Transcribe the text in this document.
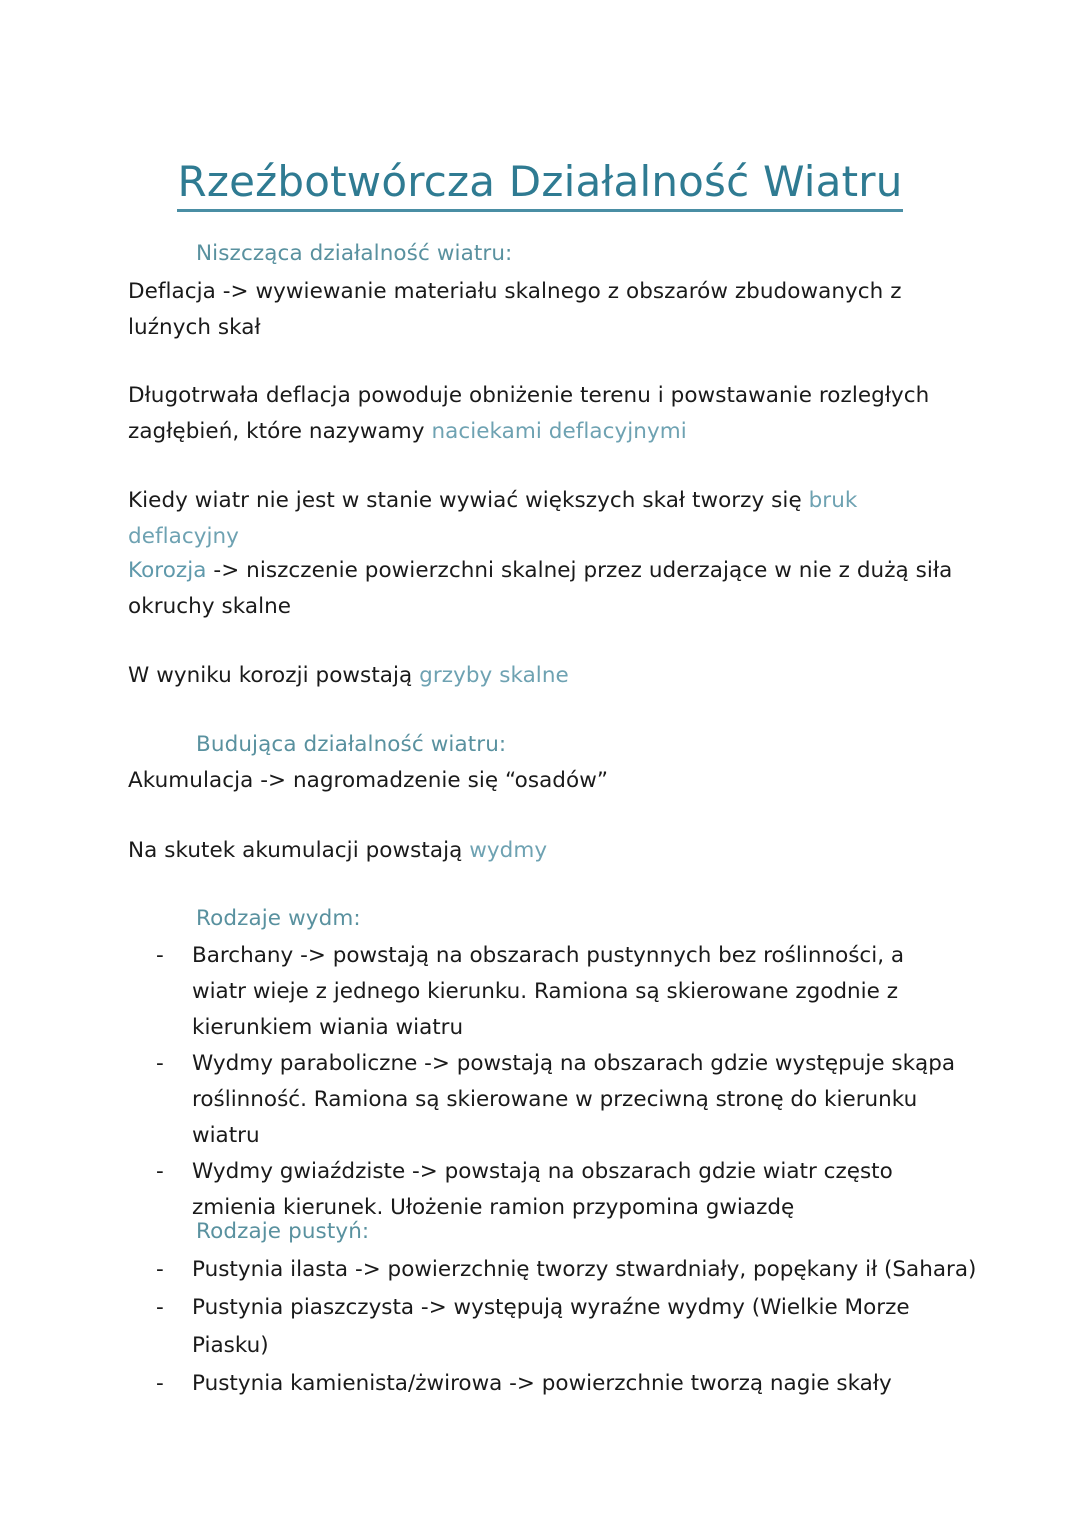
Rzeźbotwórcza Działalność Wiatru
Niszcząca działalność wiatru:
Deflacja -> wywiewanie materiału skalnego z obszarów zbudowanych z luźnych skał
Długotrwała deflacja powoduje obniżenie terenu i powstawanie rozległych zagłębień, które nazywamy naciekami deflacyjnymi
Kiedy wiatr nie jest w stanie wywiać większych skał tworzy się bruk deflacyjny
Korozja -> niszczenie powierzchni skalnej przez uderzające w nie z dużą siła okruchy skalne
W wyniku korozji powstają grzyby skalne
Budująca działalność wiatru:
Akumulacja -> nagromadzenie się “osadów”
Na skutek akumulacji powstają wydmy
Rodzaje wydm:
- Barchany -> powstają na obszarach pustynnych bez roślinności, a wiatr wieje z jednego kierunku. Ramiona są skierowane zgodnie z kierunkiem wiania wiatru
- Wydmy paraboliczne -> powstają na obszarach gdzie występuje skąpa roślinność. Ramiona są skierowane w przeciwną stronę do kierunku wiatru
- Wydmy gwiaździste -> powstają na obszarach gdzie wiatr często zmienia kierunek. Ułożenie ramion przypomina gwiazdę
Rodzaje pustyń:
- Pustynia ilasta -> powierzchnię tworzy stwardniały, popękany ił (Sahara)
- Pustynia piaszczysta -> występują wyraźne wydmy (Wielkie Morze Piasku)
- Pustynia kamienista/żwirowa -> powierzchnie tworzą nagie skały
